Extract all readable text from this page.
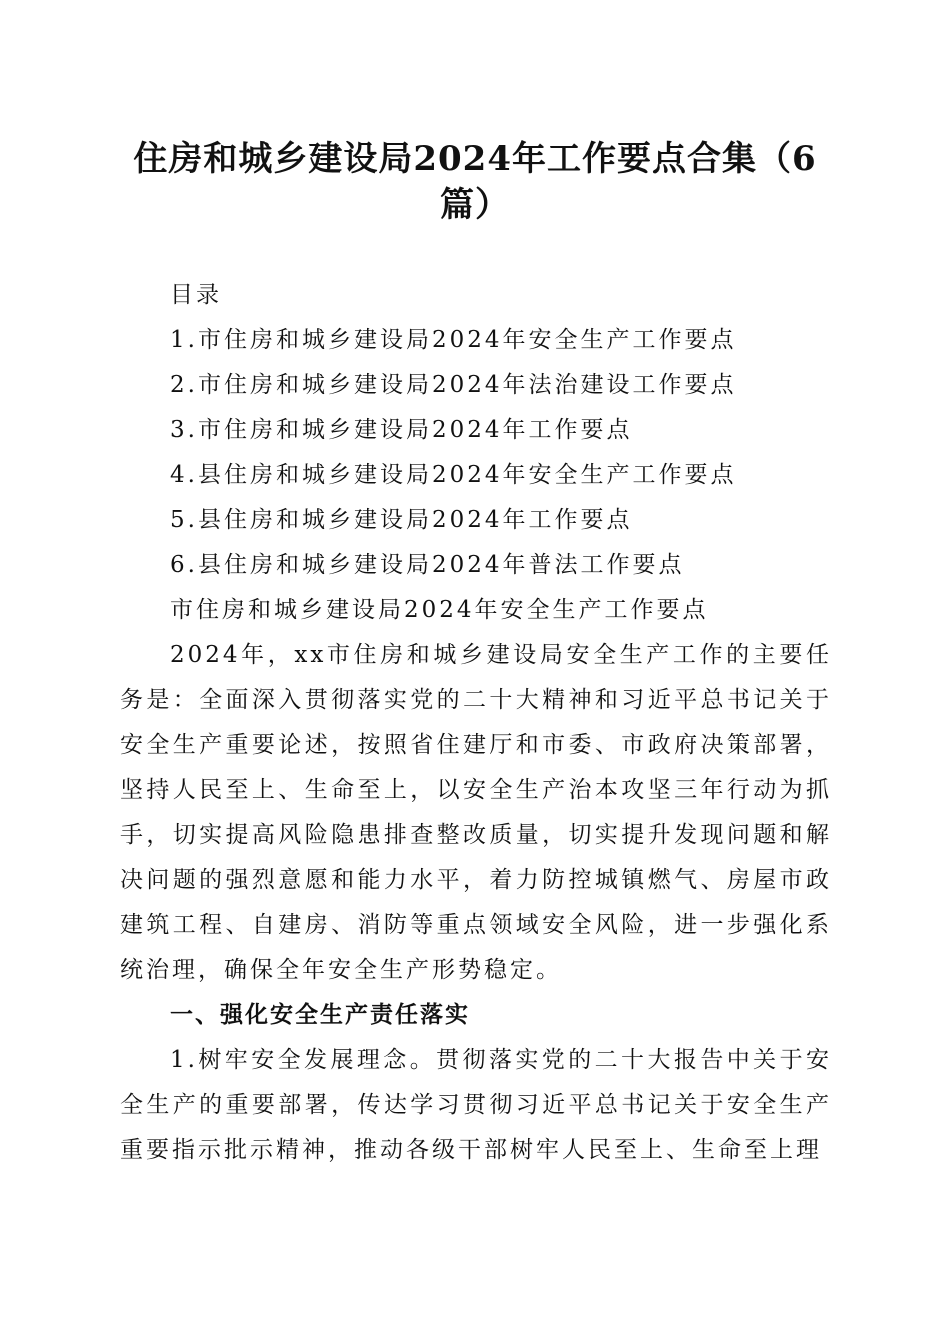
住房和城乡建设局2024年工作要点合集（6
篇）

目录

1.市住房和城乡建设局2024年安全生产工作要点
2.市住房和城乡建设局2024年法治建设工作要点
3.市住房和城乡建设局2024年工作要点
4.县住房和城乡建设局2024年安全生产工作要点
5.县住房和城乡建设局2024年工作要点
6.县住房和城乡建设局2024年普法工作要点

市住房和城乡建设局2024年安全生产工作要点

2024年，xx市住房和城乡建设局安全生产工作的主要任务是：全面深入贯彻落实党的二十大精神和习近平总书记关于安全生产重要论述，按照省住建厅和市委、市政府决策部署，坚持人民至上、生命至上，以安全生产治本攻坚三年行动为抓手，切实提高风险隐患排查整改质量，切实提升发现问题和解决问题的强烈意愿和能力水平，着力防控城镇燃气、房屋市政建筑工程、自建房、消防等重点领域安全风险，进一步强化系统治理，确保全年安全生产形势稳定。

一、强化安全生产责任落实

1.树牢安全发展理念。贯彻落实党的二十大报告中关于安全生产的重要部署，传达学习贯彻习近平总书记关于安全生产重要指示批示精神，推动各级干部树牢人民至上、生命至上理
